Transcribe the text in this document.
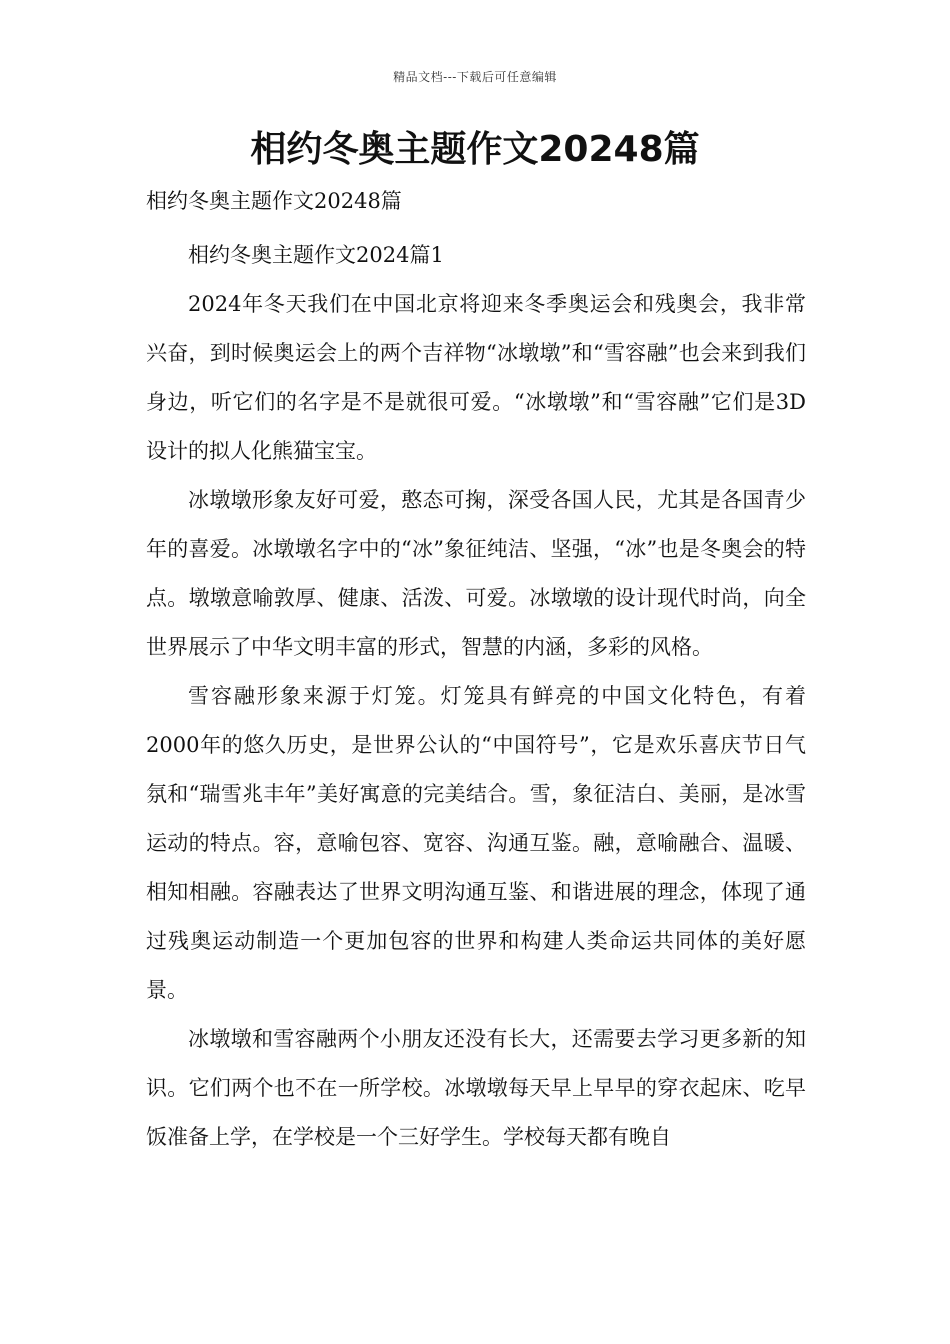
精品文档---下载后可任意编辑
相约冬奥主题作文20248篇

相约冬奥主题作文20248篇

相约冬奥主题作文2024篇1

2024年冬天我们在中国北京将迎来冬季奥运会和残奥会，我非常兴奋，到时候奥运会上的两个吉祥物“冰墩墩”和“雪容融”也会来到我们身边，听它们的名字是不是就很可爱。“冰墩墩”和“雪容融”它们是3D设计的拟人化熊猫宝宝。

冰墩墩形象友好可爱，憨态可掬，深受各国人民，尤其是各国青少年的喜爱。冰墩墩名字中的“冰”象征纯洁、坚强，“冰”也是冬奥会的特点。墩墩意喻敦厚、健康、活泼、可爱。冰墩墩的设计现代时尚，向全世界展示了中华文明丰富的形式，智慧的内涵，多彩的风格。

雪容融形象来源于灯笼。灯笼具有鲜亮的中国文化特色，有着2000年的悠久历史，是世界公认的“中国符号”，它是欢乐喜庆节日气氛和“瑞雪兆丰年”美好寓意的完美结合。雪，象征洁白、美丽，是冰雪运动的特点。容，意喻包容、宽容、沟通互鉴。融，意喻融合、温暖、相知相融。容融表达了世界文明沟通互鉴、和谐进展的理念，体现了通过残奥运动制造一个更加包容的世界和构建人类命运共同体的美好愿景。

冰墩墩和雪容融两个小朋友还没有长大，还需要去学习更多新的知识。它们两个也不在一所学校。冰墩墩每天早上早早的穿衣起床、吃早饭准备上学，在学校是一个三好学生。学校每天都有晚自
